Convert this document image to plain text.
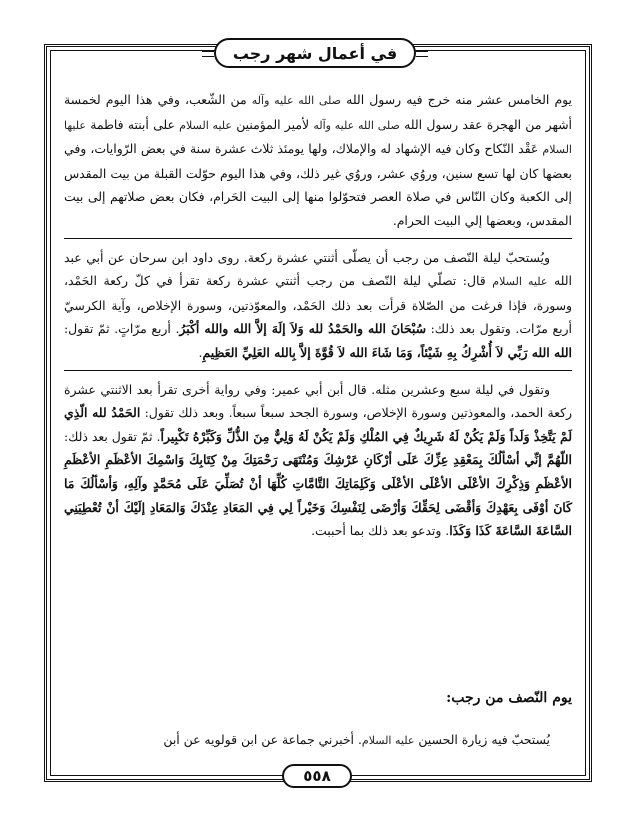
في أعمال شهر رجب

يوم الخامس عشر منه خرج فيه رسول الله صلى الله عليه وآله من الشّعب، وفي هذا اليوم لخمسة أشهر من الهجرة عقد رسول الله صلى الله عليه وآله لأمير المؤمنين عليه السلام على أبنته فاطمة عليها السلام عَقْد النّكاح وكان فيه الإشهاد له والإملاك، ولها يومئذ ثلاث عشرة سنة في بعض الرّوايات، وفي بعضها كان لها تسع سنين، وروُي عشر، وروُي غير ذلك، وفي هذا اليوم حوّلت القبلة من بيت المقدس إلى الكعبة وكان النّاس في صلاة العصر فتحوّلوا منها إلى البيت الحَرام، فكان بعض صلاتهم إلى بيت المقدس، وبعضها إلي البيت الحرام.

ويُستحبّ ليلة النّصف من رجب أن يصلّى أثنتي عشرة ركعة. روى داود ابن سرحان عن أبي عبد الله عليه السلام قال: تصلّي ليلة النّصف من رجب أثنتي عشرة ركعة تقرأ في كلّ ركعة الحَمْد، وسورة، فإذا فرغت من الصّلاة قرأت بعد ذلك الحَمْد، والمعوّذتين، وسورة الإخلاص، وآية الكرسيّ أربع مرّات. وتقول بعد ذلك: سُبْحَانَ الله والحَمْدُ لله وَلاَ إلَهَ إلاَّ الله والله أكْبَرُ. أربع مرّاتٍ. ثمّ تقول: الله الله رَبِّي لاَ أُشْرِكُ بِهِ شَيْئاً، وَمَا شَاءَ الله لاَ قُوَّةَ إلاَّ بِالله العَلِيِّ العَظِيمِ.

وتقول في ليلة سبع وعشرين مثله. قال أبن أبي عمير: وفي رواية أخرى تقرأ بعد الاثنتي عشرة ركعة الحمد، والمعوذتين وسورة الإخلاص، وسورة الجحد سبعاً سبعاً. وبعد ذلك تقول: الحَمْدُ لله الّذِي لَمْ يَتَّخِذْ وَلَداً وَلَمْ يَكُنْ لَهُ شَرِيكٌ فِي المُلْكِ وَلَمْ يَكُنْ لَهُ وَلِيٌّ مِنَ الذُّلِّ وَكَبِّرْهُ تَكْبِيراً. ثمّ تقول بعد ذلك: اللّهُمَّ إنِّي أسْألُكَ بِمَعْقِدِ عِزِّكَ عَلَى أرْكَانِ عَرْشِكَ وَمُنْتَهَى رَحْمَتِكَ مِنْ كِتَابِكَ وَاسْمِكَ الأعْظَمِ الأعْظَمِ الأعْظَمِ وَذِكْرِكَ الأعْلَى الأعْلَى الأعْلَى وَكَلِمَاتِكَ التَّامَّاتِ كُلِّهَا أنْ تُصَلِّيَ عَلَى مُحَمَّدٍ وآلِهِ، وَأسْألُكَ مَا كَانَ أوْفَى بِعَهْدِكَ وَأقْضَى لِحَقِّكَ وَأرْضَى لِنَفْسِكَ وَخَيْراً لِي فِي المَعَادِ عِنْدَكَ وَالمَعَادِ إلَيْكَ أنْ تُعْطِيَنِي السَّاعَةَ السَّاعَةَ كَذَا وَكَذَا. وتدعو بعد ذلك بما أحببت.

يوم النّصف من رجب:

يُستحبّ فيه زيارة الحسين عليه السلام. أخبرني جماعة عن ابن قولويه عن أبن

٥٥٨
